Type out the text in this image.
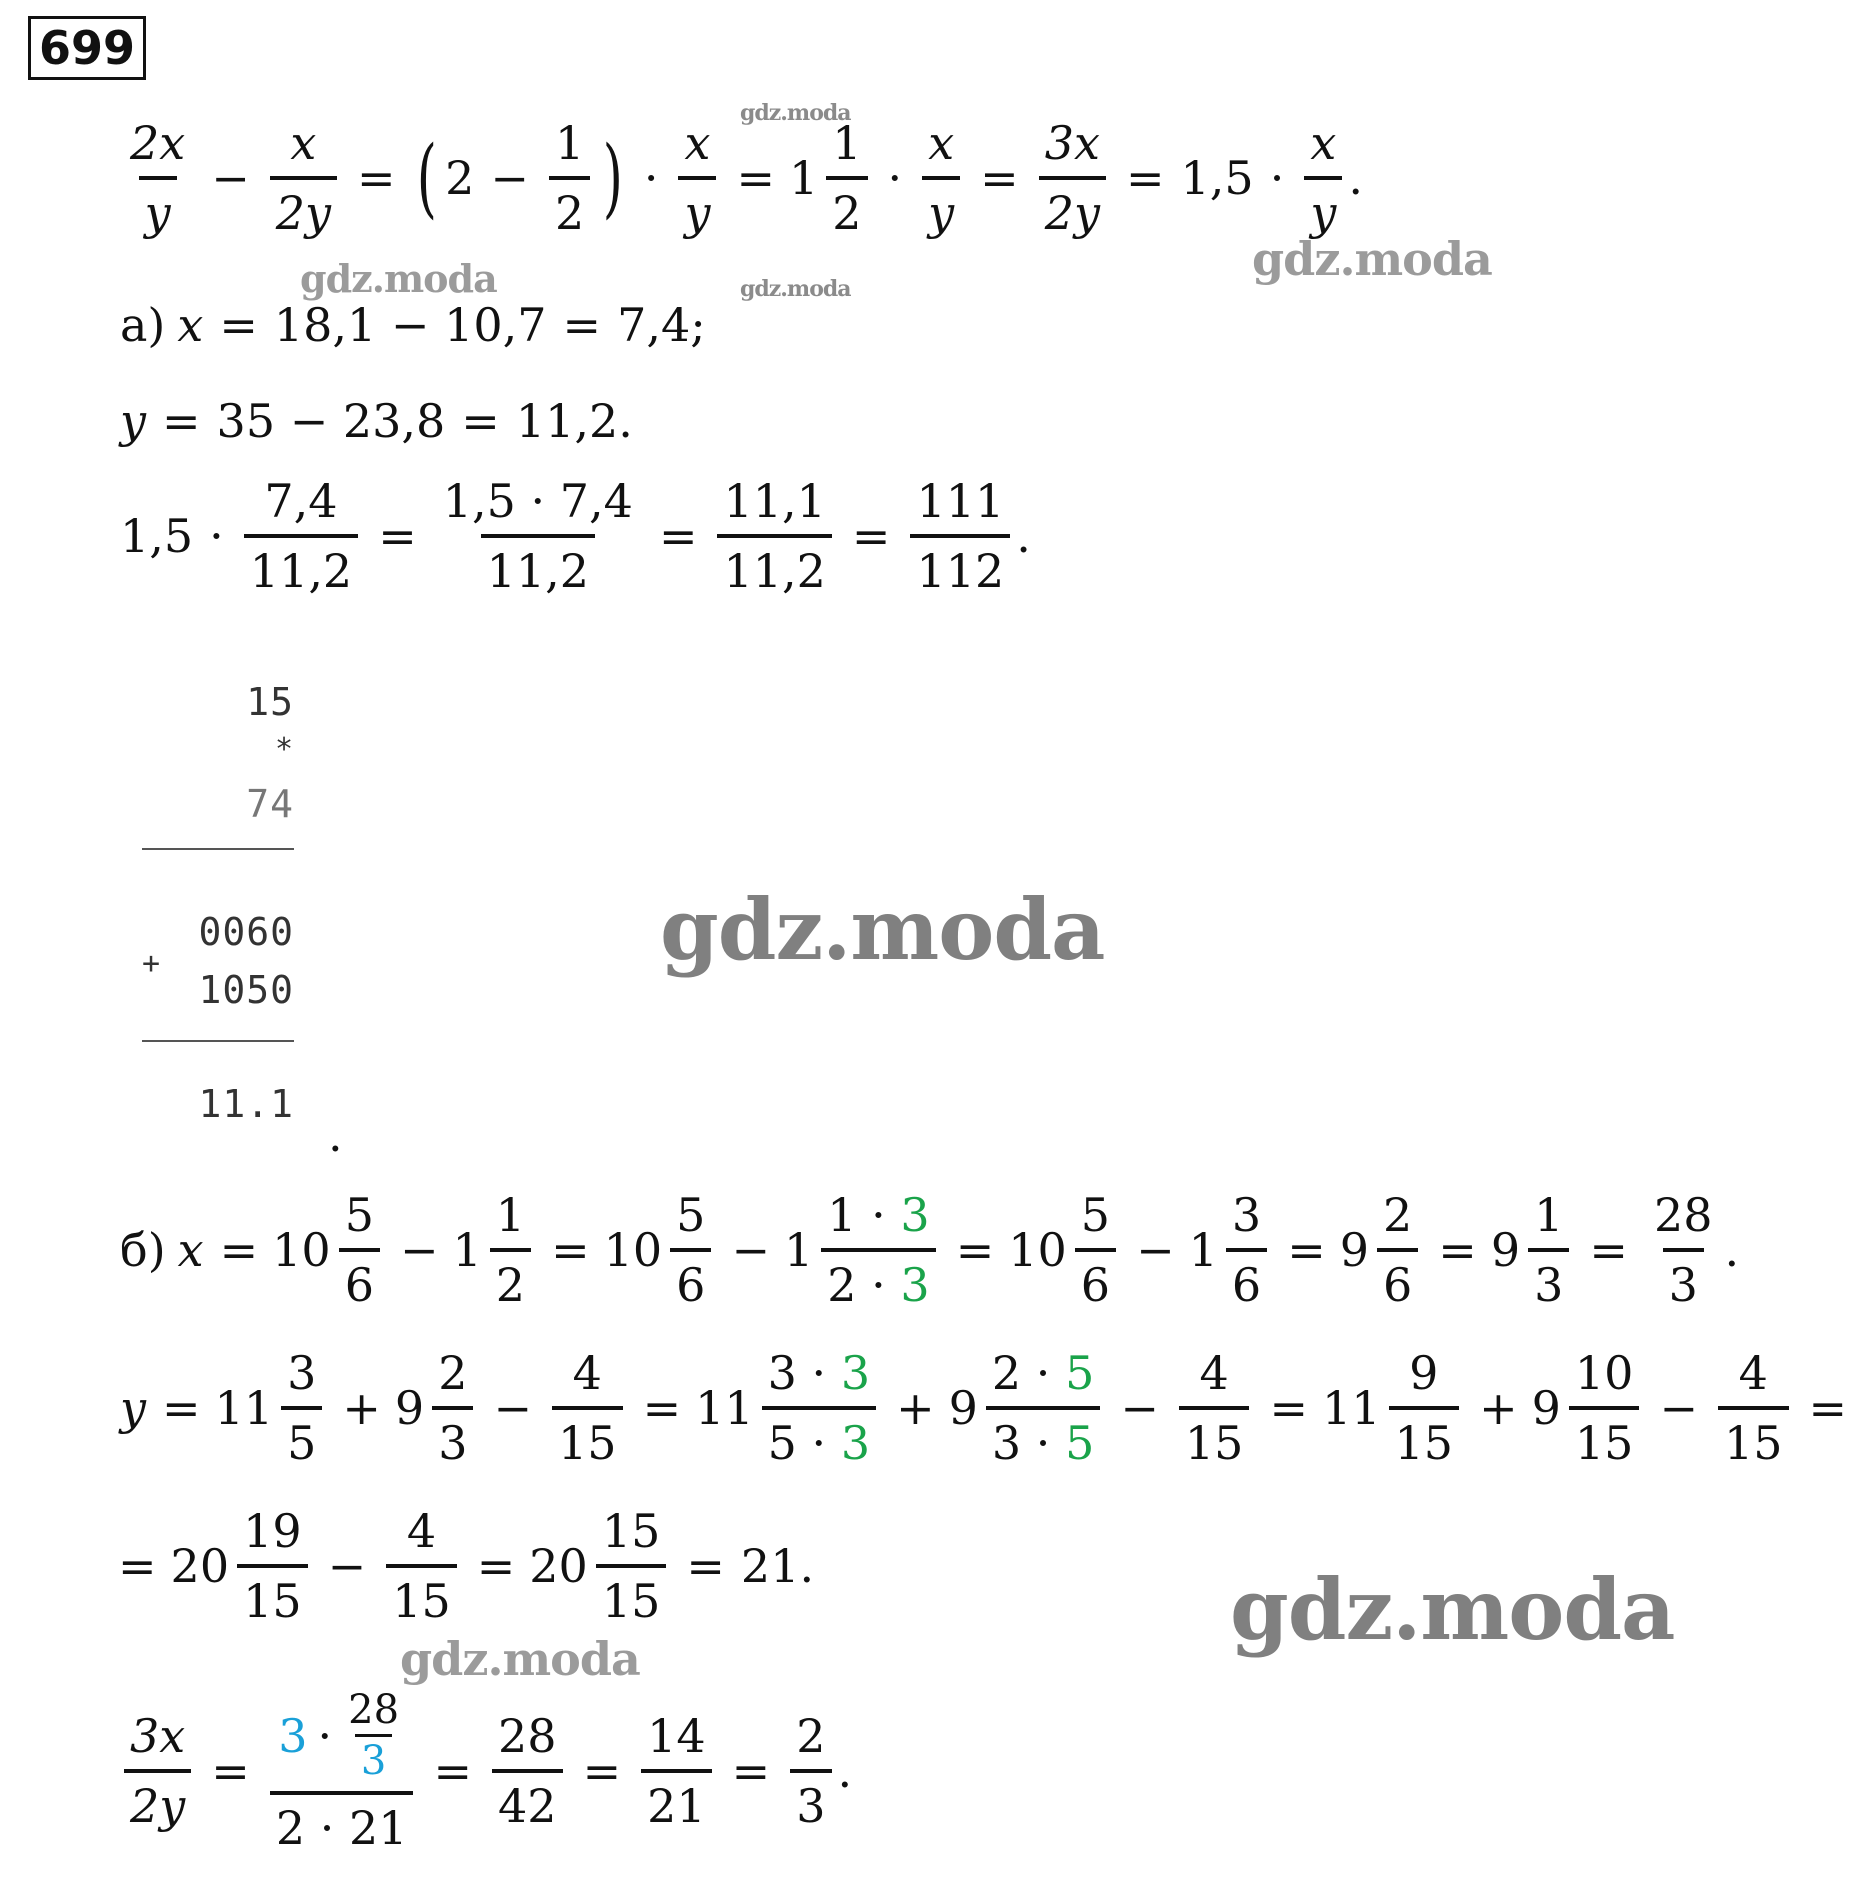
699
$\frac{2x}{y} - \frac{x}{2y}$ = ( $2 - \frac{1}{2}$ ) · $\frac{x}{y} = 1 \frac{1}{2} \cdot \frac{x}{y} = \frac{3x}{2y} = 1,5 \cdot \frac{x}{y}$ .
а) x = 18,1 − 10,7 = 7,4;
y = 35 − 23,8 = 11,2.
$1,5 \cdot \frac{7,4}{11,2} = \frac{1,5 \cdot 7,4}{11,2} = \frac{11,1}{11,2} = \frac{111}{112}$ .
15
*
74
0060
+
1050
11.1
.
б) $x = 10 \frac{5}{6} - 1 \frac{1}{2} = 10 \frac{5}{6} - 1 \frac{1 \cdot 3}{2 \cdot 3} = 10 \frac{5}{6} - 1 \frac{3}{6} = 9 \frac{2}{6} = 9 \frac{1}{3} = \frac{28}{3}$ .
$y = 11 \frac{3}{5} + 9 \frac{2}{3} - \frac{4}{15} = 11 \frac{3 \cdot 3}{5 \cdot 3} + 9 \frac{2 \cdot 5}{3 \cdot 5} - \frac{4}{15} = 11 \frac{9}{15} + 9 \frac{10}{15} - \frac{4}{15}$ =
= $20 \frac{19}{15} - \frac{4}{15} = 20 \frac{15}{15} = 21$.
$\frac{3x}{2y} = \frac{3 \cdot \frac{28}{3}}{2 \cdot 21} = \frac{28}{42} = \frac{14}{21} = \frac{2}{3}$ .
gdz.moda
gdz.moda
gdz.moda	gdz.moda
gdz.moda
gdz.moda
gdz.moda
